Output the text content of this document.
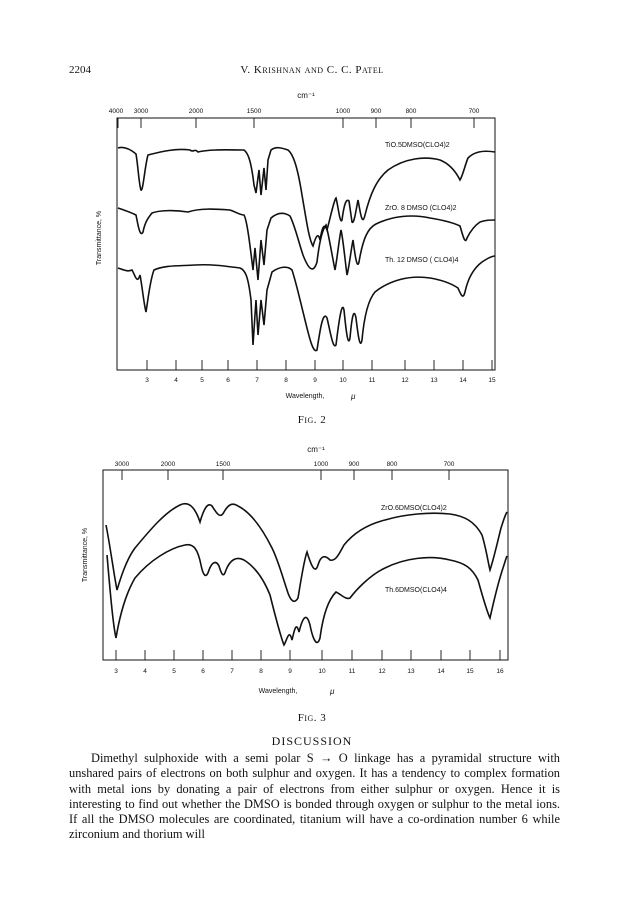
2204	V. Krishnan and C. C. Patel
cm⁻¹
4000 3000	2000	1500	1000	900	800	700
3	4	5	6	7	8	9	10	11	12	13	14	15
Wavelength,	μ
Transmittance, %
TiO.5DMSO(CLO4)2
ZrO. 8 DMSO (CLO4)2
Th. 12 DMSO ( CLO4)4
Fig. 2
cm⁻¹
3000	2000	1500	1000	900	800	700
3	4	5	6	7	8	9	10	11	12	13	14	15	16
Wavelength,	μ
Transmittance, %
ZrO.6DMSO(CLO4)2
Th.6DMSO(CLO4)4
Fig. 3
DISCUSSION

Dimethyl sulphoxide with a semi polar S → O linkage has a pyramidal structure with unshared pairs of electrons on both sulphur and oxygen. It has a tendency to complex formation with metal ions by donating a pair of electrons from either sulphur or oxygen. Hence it is interesting to find out whether the DMSO is bonded through oxygen or sulphur to the metal ions. If all the DMSO molecules are coordinated, titanium will have a co-ordination number 6 while zirconium and thorium will
